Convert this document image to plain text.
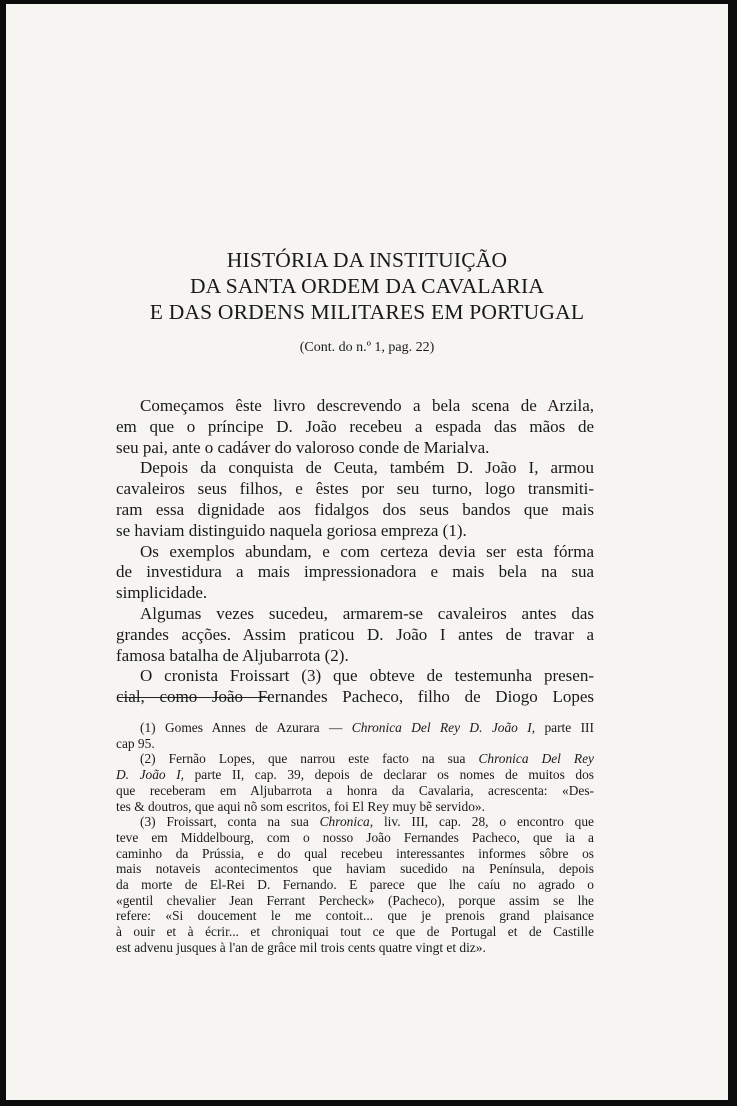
HISTÓRIA DA INSTITUIÇÃO
DA SANTA ORDEM DA CAVALARIA
E DAS ORDENS MILITARES EM PORTUGAL
(Cont. do n.º 1, pag. 22)
Começamos êste livro descrevendo a bela scena de Arzila,
em que o príncipe D. João recebeu a espada das mãos de
seu pai, ante o cadáver do valoroso conde de Marialva.
Depois da conquista de Ceuta, também D. João I, armou
cavaleiros seus filhos, e êstes por seu turno, logo transmiti-
ram essa dignidade aos fidalgos dos seus bandos que mais
se haviam distinguido naquela goriosa empreza (1).
Os exemplos abundam, e com certeza devia ser esta fórma
de investidura a mais impressionadora e mais bela na sua
simplicidade.
Algumas vezes sucedeu, armarem-se cavaleiros antes das
grandes acções. Assim praticou D. João I antes de travar a
famosa batalha de Aljubarrota (2).
O cronista Froissart (3) que obteve de testemunha presen-
cial, como João Fernandes Pacheco, filho de Diogo Lopes
(1) Gomes Annes de Azurara — Chronica Del Rey D. João I, parte III
cap 95.
(2) Fernão Lopes, que narrou este facto na sua Chronica Del Rey
D. João I, parte II, cap. 39, depois de declarar os nomes de muitos dos
que receberam em Aljubarrota a honra da Cavalaria, acrescenta: «Des-
tes & doutros, que aqui nõ som escritos, foi El Rey muy bẽ servido».
(3) Froissart, conta na sua Chronica, liv. III, cap. 28, o encontro que
teve em Middelbourg, com o nosso João Fernandes Pacheco, que ia a
caminho da Prússia, e do qual recebeu interessantes informes sôbre os
mais notaveis acontecimentos que haviam sucedido na Península, depois
da morte de El-Rei D. Fernando. E parece que lhe caíu no agrado o
«gentil chevalier Jean Ferrant Percheck» (Pacheco), porque assim se lhe
refere: «Si doucement le me contoit... que je prenois grand plaisance
à ouir et à écrir... et chroniquai tout ce que de Portugal et de Castille
est advenu jusques à l'an de grâce mil trois cents quatre vingt et diz».
